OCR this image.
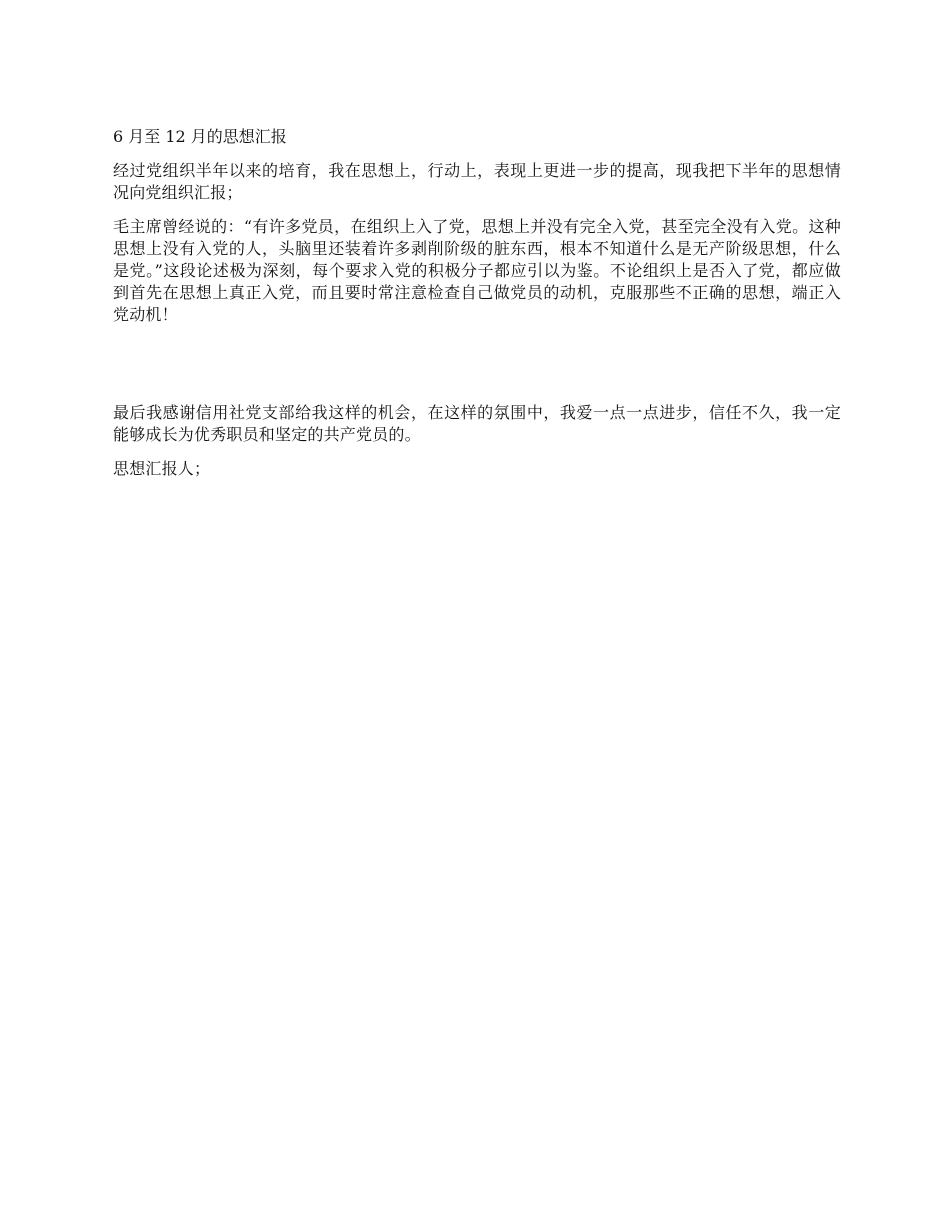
6 月至 12 月的思想汇报

经过党组织半年以来的培育，我在思想上，行动上，表现上更进一步的提高，现我把下半年的思想情况向党组织汇报；

毛主席曾经说的：“有许多党员，在组织上入了党，思想上并没有完全入党，甚至完全没有入党。这种思想上没有入党的人，头脑里还装着许多剥削阶级的脏东西，根本不知道什么是无产阶级思想，什么是党。”这段论述极为深刻，每个要求入党的积极分子都应引以为鉴。不论组织上是否入了党，都应做到首先在思想上真正入党，而且要时常注意检查自己做党员的动机，克服那些不正确的思想，端正入党动机！

最后我感谢信用社党支部给我这样的机会，在这样的氛围中，我爱一点一点进步，信任不久，我一定能够成长为优秀职员和坚定的共产党员的。

思想汇报人；
